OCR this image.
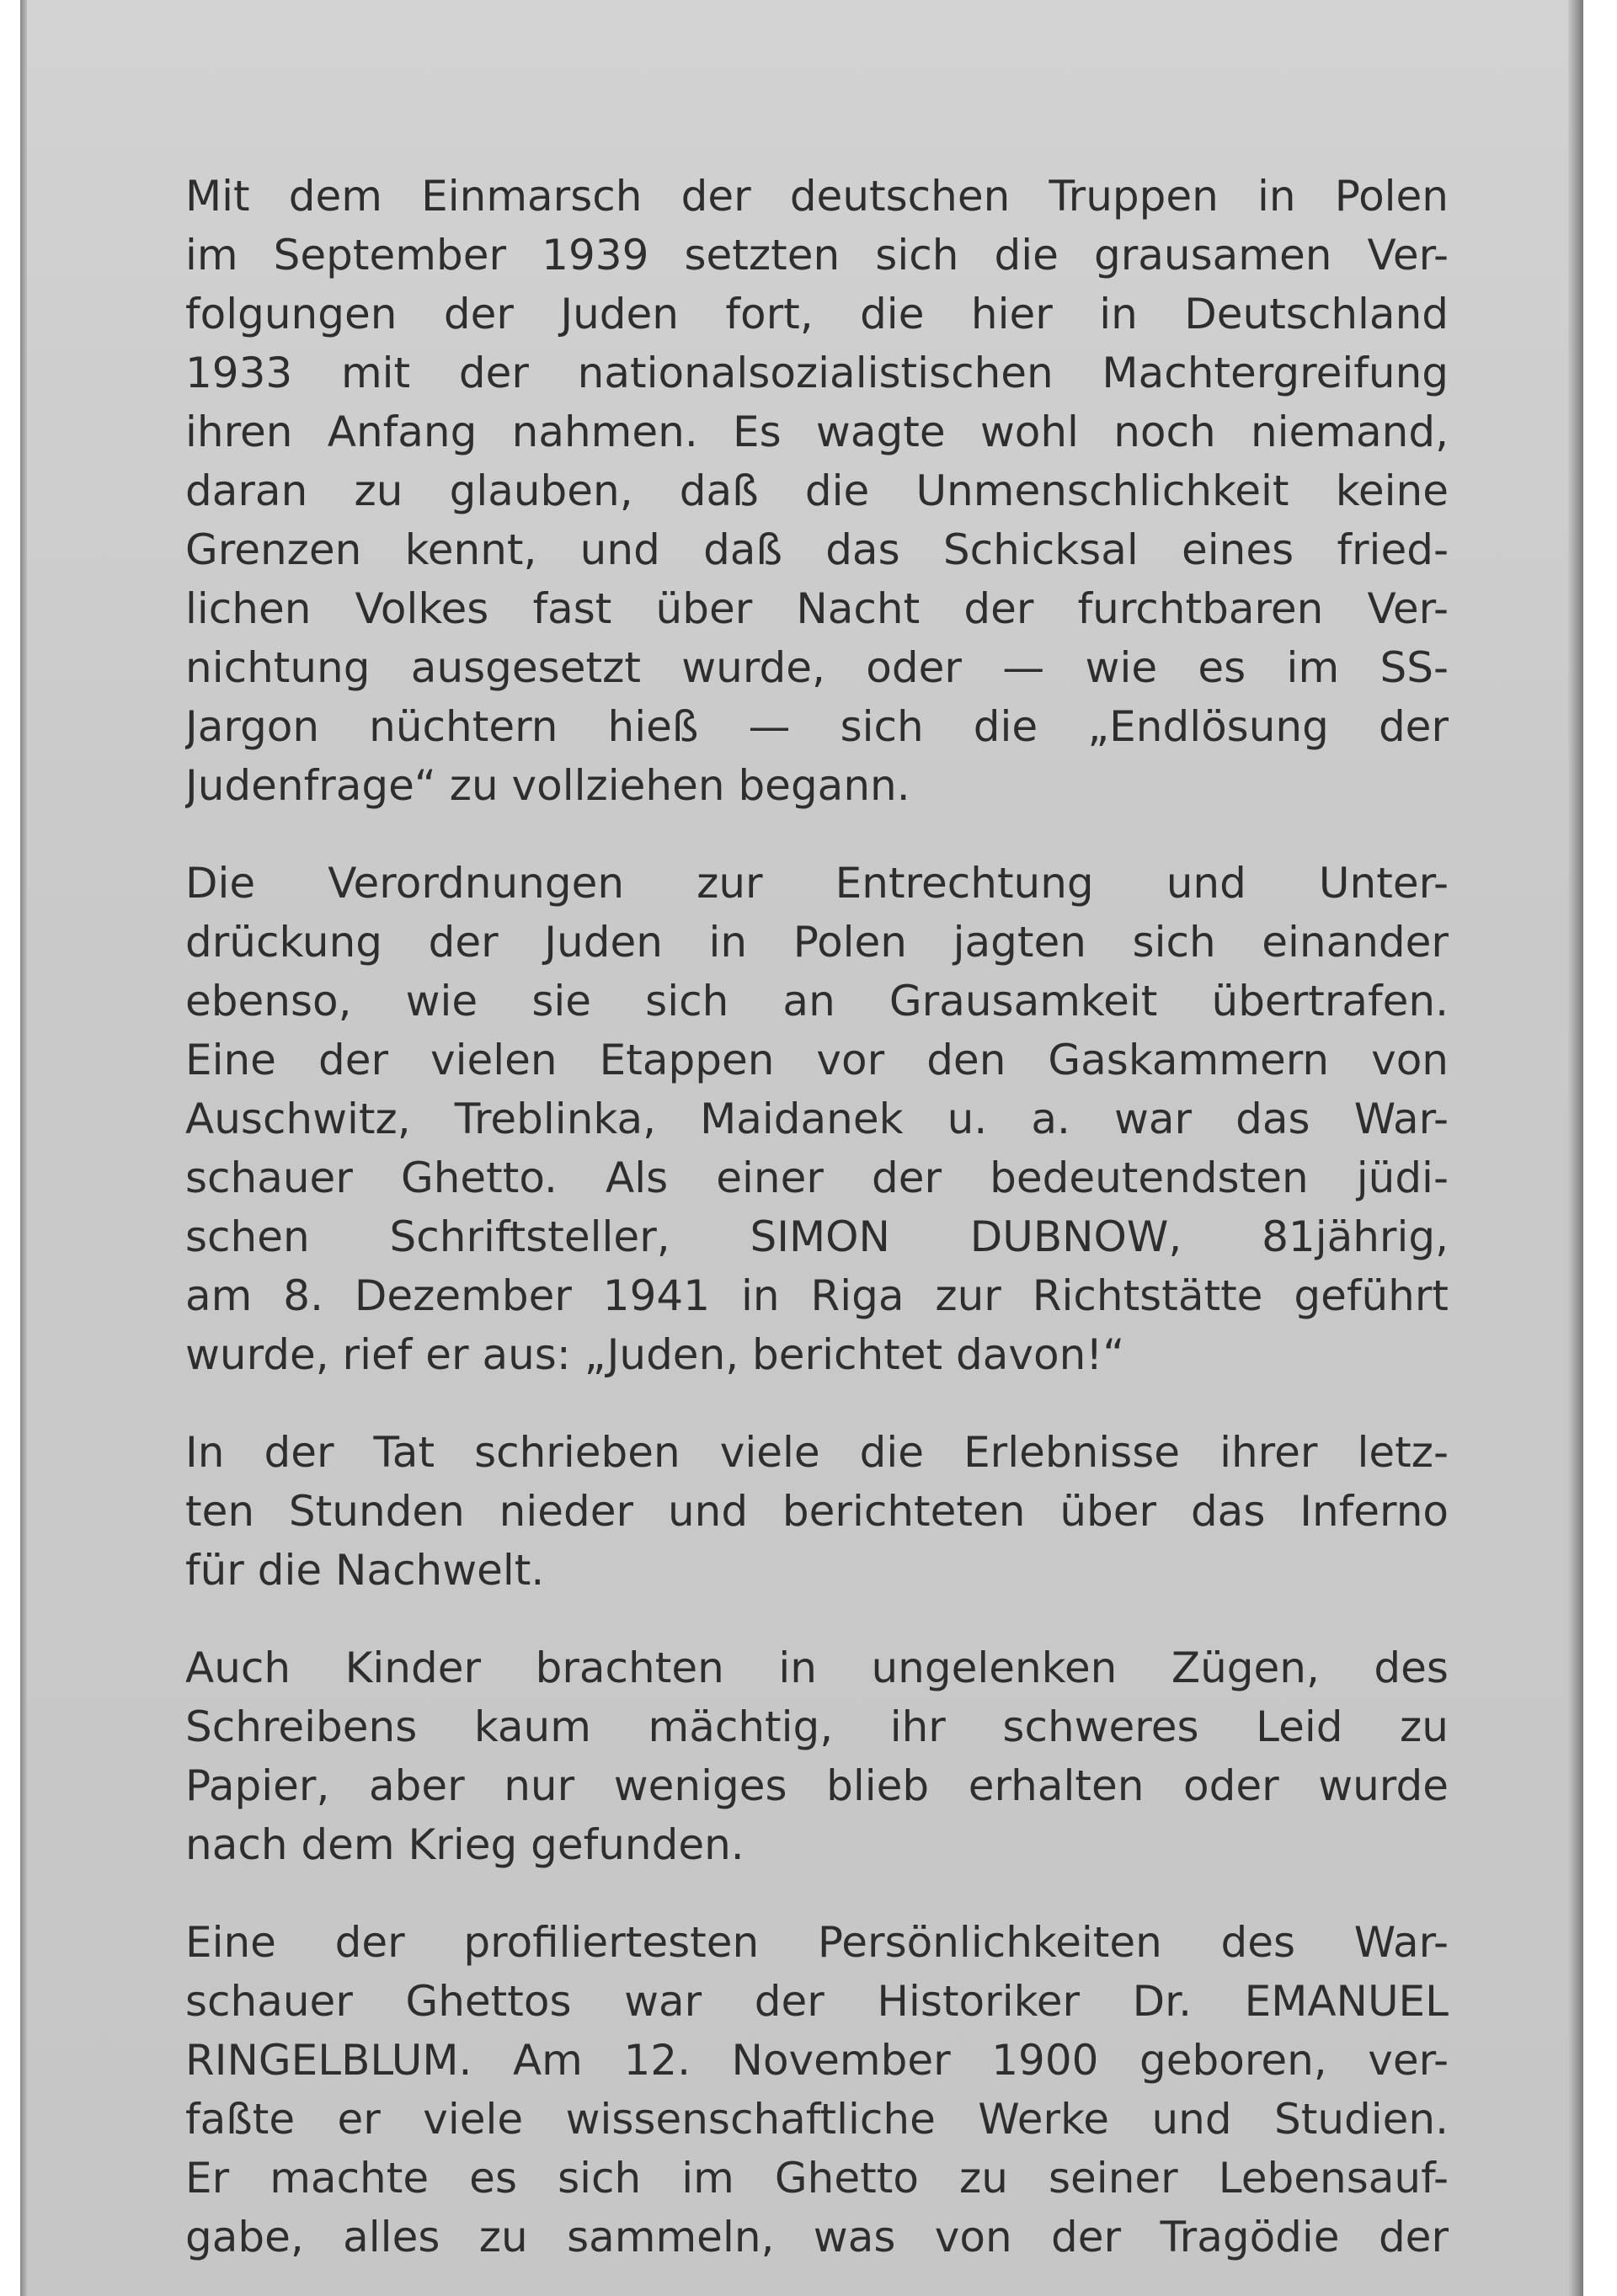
Mit dem Einmarsch der deutschen Truppen in Polen
im September 1939 setzten sich die grausamen Ver-
folgungen der Juden fort, die hier in Deutschland
1933 mit der nationalsozialistischen Machtergreifung
ihren Anfang nahmen. Es wagte wohl noch niemand,
daran zu glauben, daß die Unmenschlichkeit keine
Grenzen kennt, und daß das Schicksal eines fried-
lichen Volkes fast über Nacht der furchtbaren Ver-
nichtung ausgesetzt wurde, oder — wie es im SS-
Jargon nüchtern hieß — sich die „Endlösung der
Judenfrage“ zu vollziehen begann.
Die Verordnungen zur Entrechtung und Unter-
drückung der Juden in Polen jagten sich einander
ebenso, wie sie sich an Grausamkeit übertrafen.
Eine der vielen Etappen vor den Gaskammern von
Auschwitz, Treblinka, Maidanek u. a. war das War-
schauer Ghetto. Als einer der bedeutendsten jüdi-
schen Schriftsteller, SIMON DUBNOW, 81jährig,
am 8. Dezember 1941 in Riga zur Richtstätte geführt
wurde, rief er aus: „Juden, berichtet davon!“
In der Tat schrieben viele die Erlebnisse ihrer letz-
ten Stunden nieder und berichteten über das Inferno
für die Nachwelt.
Auch Kinder brachten in ungelenken Zügen, des
Schreibens kaum mächtig, ihr schweres Leid zu
Papier, aber nur weniges blieb erhalten oder wurde
nach dem Krieg gefunden.
Eine der profiliertesten Persönlichkeiten des War-
schauer Ghettos war der Historiker Dr. EMANUEL
RINGELBLUM. Am 12. November 1900 geboren, ver-
faßte er viele wissenschaftliche Werke und Studien.
Er machte es sich im Ghetto zu seiner Lebensauf-
gabe, alles zu sammeln, was von der Tragödie der
